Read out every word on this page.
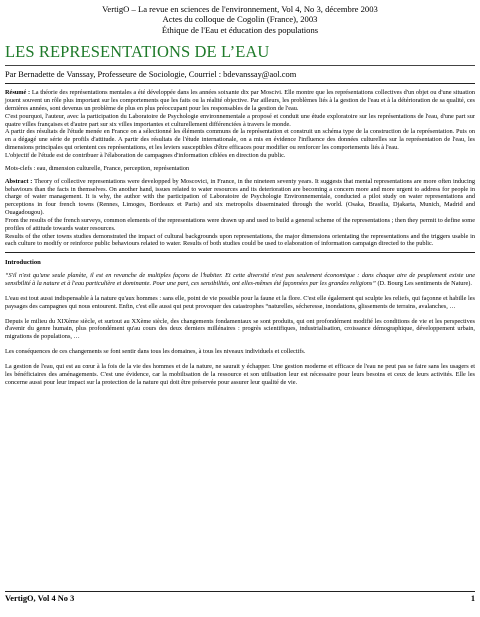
VertigO – La revue en sciences de l'environnement, Vol 4, No 3, décembre 2003
Actes du colloque de Cogolin (France), 2003
Éthique de l'Eau et éducation des populations
LES REPRESENTATIONS DE L’EAU
Par Bernadette de Vanssay, Professeure de Sociologie, Courriel : bdevanssay@aol.com

Résumé : La théorie des représentations mentales a été développée dans les années soixante dix par Moscivi. Elle montre que les représentations collectives d'un objet ou d'une situation jouent souvent un rôle plus important sur les comportements que les faits ou la réalité objective. Par ailleurs, les problèmes liés à la gestion de l'eau et à la détérioration de sa qualité, ces dernières années, sont devenus un problème de plus en plus préoccupant pour les responsables de la gestion de l'eau.

C'est pourquoi, l'auteur, avec la participation du Laboratoire de Psychologie environnementale a proposé et conduit une étude exploratoire sur les représentations de l'eau, d'une part sur quatre villes françaises et d'autre part sur six villes importantes et culturellement différenciées à travers le monde.

A partir des résultats de l'étude menée en France on a sélectionné les éléments communs de la représentation et construit un schéma type de la construction de la représentation. Puis on en a dégagé une série de profils d'attitude. A partir des résultats de l'étude internationale, on a mis en évidence l'influence des données culturelles sur la représentation de l'eau, les dimensions principales qui orientent ces représentations, et les leviers susceptibles d'être efficaces pour modifier ou renforcer les comportements liés à l'eau.

L'objectif de l'étude est de contribuer à l'élaboration de campagnes d'information ciblées en direction du public.

Mots-clefs : eau, dimension culturelle, France, perception, représentation

Abstract : Theory of collective representations were developped by Moscovici, in France, in the nineteen seventy years. It suggests that mental representations are more often inducing behaviours than the facts in themselves. On another hand, issues related to water resources and its deterioration are becoming a concern more and more urgent to address for people in charge of water management. It is why, the author with the participation of Laboratoire de Psychologie Environnementale, conducted a pilot study on water representations and perceptions in four french towns (Rennes, Limoges, Bordeaux et Paris) and six metropolis disseminated through the world. (Osaka, Brasilia, Djakarta, Munich, Madrid and Ouagadougou).

From the results of the french surveys, common elements of the representations were drawn up and used to build a general scheme of the representations ; then they permit to define some profiles of attitude towards water resources.

Results of the other towns studies demonstrated the impact of cultural backgrounds upon representations, the major dimensions orientating the representations and the triggers usable in each culture to modify or reinforce public behaviours related to water. Results of both studies could be used to elaboration of information campaign directed to the public.

Introduction

“S'il n'est qu'une seule planète, il est en revanche de multiples façons de l'habiter. Et cette diversité n'est pas seulement économique : dans chaque aire de peuplement existe une sensibilité à la nature et à l'eau particulière et dominante. Pour une part, ces sensibilités, ont elles-mêmes été façonnées par les grandes religions” (D. Bourg Les sentiments de Nature).

L'eau est tout aussi indispensable à la nature qu'aux hommes : sans elle, point de vie possible pour la faune et la flore. C'est elle également qui sculpte les reliefs, qui façonne et habille les paysages des campagnes qui nous entourent. Enfin, c'est elle aussi qui peut provoquer des catastrophes “naturelles, sécheresse, inondations, glissements de terrains, avalanches, …

Depuis le milieu du XIXème siècle, et surtout au XXème siècle, des changements fondamentaux se sont produits, qui ont profondément modifié les conditions de vie et les perspectives d'avenir du genre humain, plus profondément qu'au cours des deux derniers millénaires : progrès scientifiques, industrialisation, croissance démographique, développement urbain, migrations de populations, …

Les conséquences de ces changements se font sentir dans tous les domaines, à tous les niveaux individuels et collectifs.

La gestion de l'eau, qui est au cœur à la fois de la vie des hommes et de la nature, ne saurait y échapper. Une gestion moderne et efficace de l'eau ne peut pas se faire sans les usagers et les bénéficiaires des aménagements. C'est une évidence, car la mobilisation de la ressource et son utilisation leur est nécessaire pour leurs besoins et ceux de leurs activités. Elle les concerne aussi pour leur impact sur la protection de la nature qui doit être préservée pour assurer leur qualité de vie.

VertigO, Vol 4 No 3	1
